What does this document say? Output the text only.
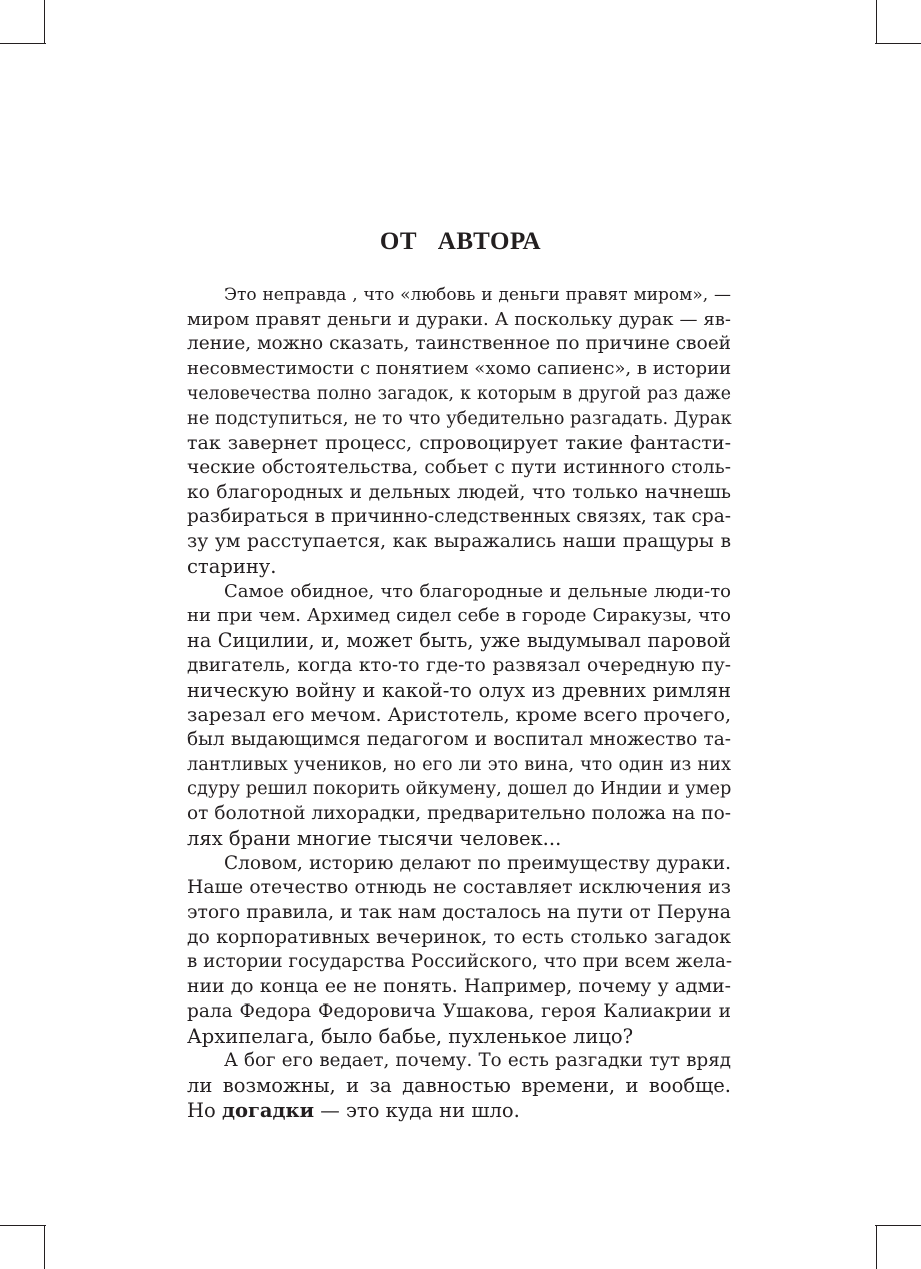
ОТ АВТОРА
Это неправда , что «любовь и деньги правят миром», —
миром правят деньги и дураки. А поскольку дурак — яв-
ление, можно сказать, таинственное по причине своей
несовместимости с понятием «хомо сапиенс», в истории
человечества полно загадок, к которым в другой раз даже
не подступиться, не то что убедительно разгадать. Дурак
так завернет процесс, спровоцирует такие фантасти-
ческие обстоятельства, собьет с пути истинного столь-
ко благородных и дельных людей, что только начнешь
разбираться в причинно-следственных связях, так сра-
зу ум расступается, как выражались наши пращуры в
старину.
Самое обидное, что благородные и дельные люди-то
ни при чем. Архимед сидел себе в городе Сиракузы, что
на Сицилии, и, может быть, уже выдумывал паровой
двигатель, когда кто-то где-то развязал очередную пу-
ническую войну и какой-то олух из древних римлян
зарезал его мечом. Аристотель, кроме всего прочего,
был выдающимся педагогом и воспитал множество та-
лантливых учеников, но его ли это вина, что один из них
сдуру решил покорить ойкумену, дошел до Индии и умер
от болотной лихорадки, предварительно положа на по-
лях брани многие тысячи человек...
Словом, историю делают по преимуществу дураки.
Наше отечество отнюдь не составляет исключения из
этого правила, и так нам досталось на пути от Перуна
до корпоративных вечеринок, то есть столько загадок
в истории государства Российского, что при всем жела-
нии до конца ее не понять. Например, почему у адми-
рала Федора Федоровича Ушакова, героя Калиакрии и
Архипелага, было бабье, пухленькое лицо?
А бог его ведает, почему. То есть разгадки тут вряд
ли возможны, и за давностью времени, и вообще.
Но догадки — это куда ни шло.
